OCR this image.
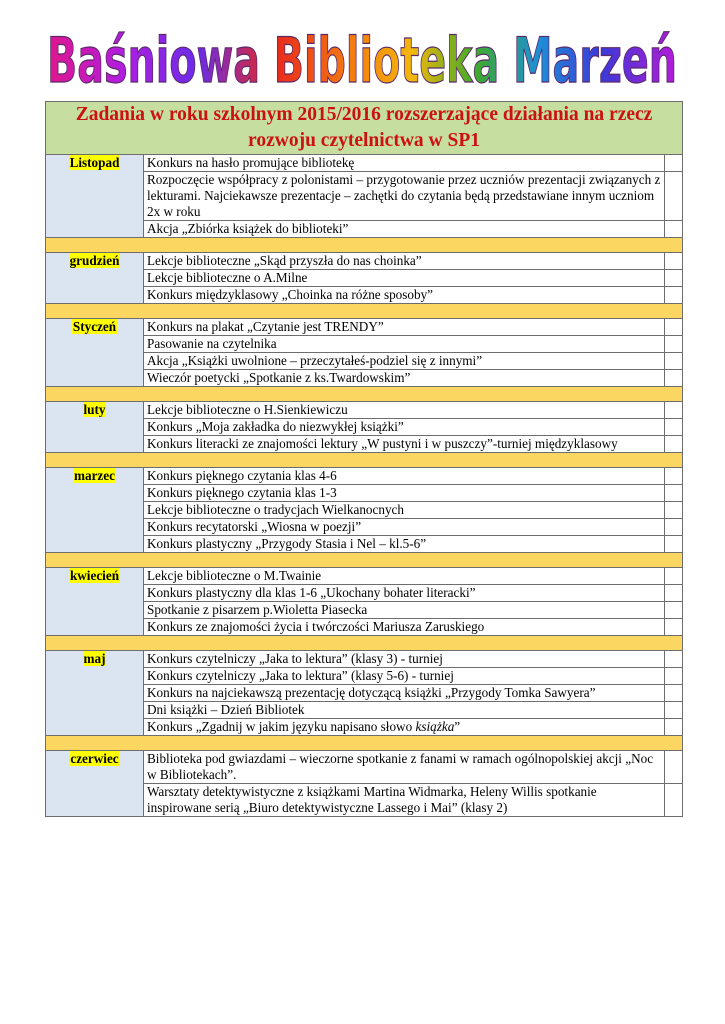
Baśniowa Biblioteka Marzeń
Zadania w roku szkolnym 2015/2016 rozszerzające działania na rzecz rozwoju czytelnictwa w SP1		
Listopad	Konkurs na hasło promujące bibliotekę	
	Rozpoczęcie współpracy z polonistami – przygotowanie przez uczniów prezentacji związanych z lekturami. Najciekawsze prezentacje – zachętki do czytania będą przedstawiane innym uczniom 2x w roku	
	Akcja „Zbiórka książek do biblioteki”	

grudzień	Lekcje biblioteczne „Skąd przyszła do nas choinka”	
	Lekcje biblioteczne o A.Milne	
	Konkurs międzyklasowy „Choinka na różne sposoby”	

Styczeń	Konkurs na plakat „Czytanie jest TRENDY”	
	Pasowanie na czytelnika	
	Akcja „Książki uwolnione – przeczytałeś-podziel się z innymi”	
	Wieczór poetycki „Spotkanie z ks.Twardowskim”	

luty	Lekcje biblioteczne o H.Sienkiewiczu	
	Konkurs „Moja zakładka do niezwykłej książki”	
	Konkurs literacki ze znajomości lektury „W pustyni i w puszczy”-turniej międzyklasowy	

marzec	Konkurs pięknego czytania klas 4-6	
	Konkurs pięknego czytania klas 1-3	
	Lekcje biblioteczne o tradycjach Wielkanocnych	
	Konkurs recytatorski „Wiosna w poezji”	
	Konkurs plastyczny „Przygody Stasia i Nel – kl.5-6”	

kwiecień	Lekcje biblioteczne o M.Twainie	
	Konkurs plastyczny dla klas 1-6 „Ukochany bohater literacki”	
	Spotkanie z pisarzem p.Wioletta Piasecka	
	Konkurs ze znajomości życia i twórczości Mariusza Zaruskiego	

maj	Konkurs czytelniczy „Jaka to lektura” (klasy 3) - turniej	
	Konkurs czytelniczy „Jaka to lektura” (klasy 5-6) - turniej	
	Konkurs na najciekawszą prezentację dotyczącą książki „Przygody Tomka Sawyera”	
	Dni książki – Dzień Bibliotek	
	Konkurs „Zgadnij w jakim języku napisano słowo książka”	

czerwiec	Biblioteka pod gwiazdami – wieczorne spotkanie z fanami w ramach ogólnopolskiej akcji „Noc w Bibliotekach”.	
	Warsztaty detektywistyczne z książkami Martina Widmarka, Heleny Willis spotkanie inspirowane serią „Biuro detektywistyczne Lassego i Mai” (klasy 2)	
